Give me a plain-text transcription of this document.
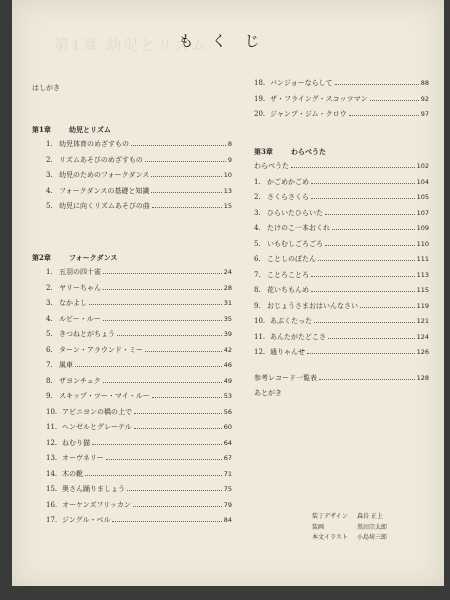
第1章 幼児とリズム
もくじ
はしがき
第1章	幼児とリズム
1. 幼児体育のめざすもの	8
2. リズムあそびのめざすもの	9
3. 幼児のためのフォークダンス	10
4. フォークダンスの基礎と知識	13
5. 幼児に向くリズムあそびの曲	15
第2章	フォークダンス
1. 五羽の四十雀	24
2. ヤリーちゃん	28
3. なかよし	31
4. ルビー・ルー	35
5. きつねとがちょう	39
6. ターン・アラウンド・ミー	42
7. 風車	46
8. ザヨンチェク	49
9. スキップ・ツー・マイ・ルー	53
10. アビニヨンの橋の上で	56
11. ヘンゼルとグレーテル	60
12. ねむり猫	64
13. オーヴネリー	67
14. 木の靴	71
15. 奥さん踊りましょう	75
16. オーケンズフリッカン	79
17. ジングル・ベル	84
18. バンジョーならして	88
19. ザ・フライング・スコッツマン	92
20. ジャンプ・ジム・クロウ	97
第3章	わらべうた
わらべうた	102
1. かごめかごめ	104
2. さくらさくら	105
3. ひらいたひらいた	107
4. たけのこ一本おくれ	109
5. いもむしごろごろ	110
6. ことしのぼたん	111
7. ことろことろ	113
8. 花いちもんめ	115
9. おじょうさまおはいんなさい	119
10. あぶくたった	121
11. あんたがたどこさ	124
12. 通りゃんせ	126
参考レコード一覧表	128
あとがき
装丁デザイン	森岩 正上
装画	黒田宗太郎
本文イラスト	小島埼三郎
